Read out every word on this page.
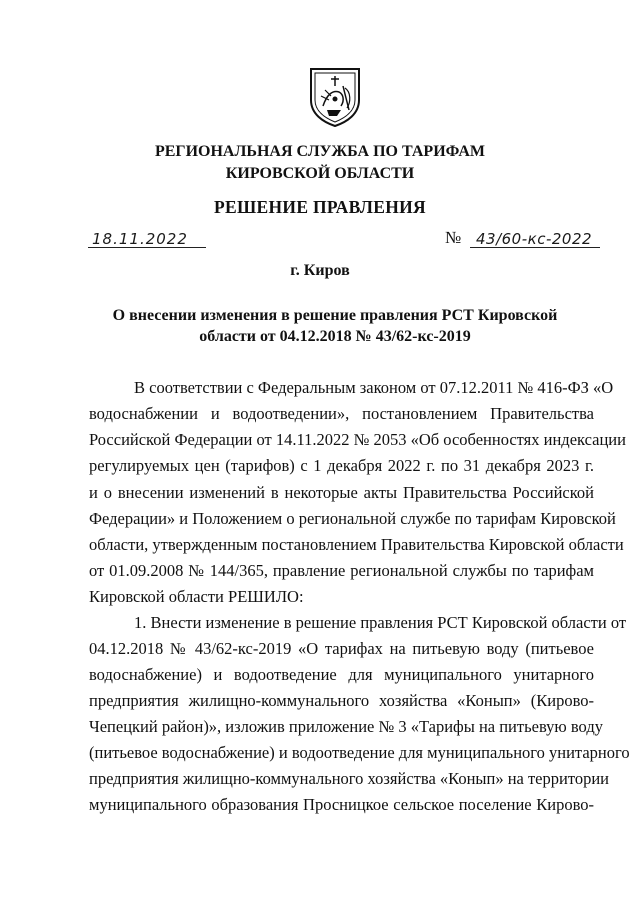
РЕГИОНАЛЬНАЯ СЛУЖБА ПО ТАРИФАМ
КИРОВСКОЙ ОБЛАСТИ
РЕШЕНИЕ ПРАВЛЕНИЯ
18.11.2022	№ 43/60-кс-2022
г. Киров
О внесении изменения в решение правления РСТ Кировской
области от 04.12.2018 № 43/62-кс-2019
В соответствии с Федеральным законом от 07.12.2011 № 416-ФЗ «О
водоснабжении и водоотведении», постановлением Правительства
Российской Федерации от 14.11.2022 № 2053 «Об особенностях индексации
регулируемых цен (тарифов) с 1 декабря 2022 г. по 31 декабря 2023 г.
и о внесении изменений в некоторые акты Правительства Российской
Федерации» и Положением о региональной службе по тарифам Кировской
области, утвержденным постановлением Правительства Кировской области
от 01.09.2008 № 144/365, правление региональной службы по тарифам
Кировской области РЕШИЛО:
1. Внести изменение в решение правления РСТ Кировской области от
04.12.2018 № 43/62-кс-2019 «О тарифах на питьевую воду (питьевое
водоснабжение) и водоотведение для муниципального унитарного
предприятия жилищно-коммунального хозяйства «Конып» (Кирово-
Чепецкий район)», изложив приложение № 3 «Тарифы на питьевую воду
(питьевое водоснабжение) и водоотведение для муниципального унитарного
предприятия жилищно-коммунального хозяйства «Конып» на территории
муниципального образования Просницкое сельское поселение Кирово-
